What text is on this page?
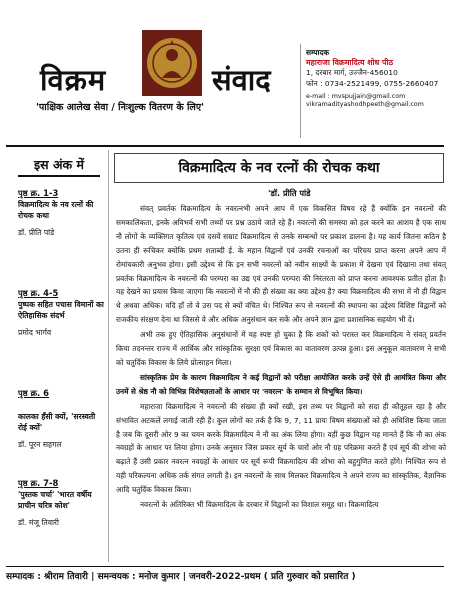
विक्रम	संवाद
'पाक्षिक आलेख सेवा / निःशुल्क वितरण के लिए'
सम्पादक
महाराजा विक्रमादित्य शोध पीठ
1, दरबार मार्ग, उज्जैन-456010
फोन : 0734-2521499, 0755-2660407
e-mail : mvspujjain@gmail.com
vikramadityashodhpeeth@gmail.com
इस अंक में
पृष्ठ क्र. 1-3
विक्रमादित्य के नव रत्नों की रोचक कथा
डॉ. प्रीति पांडे
पृष्ठ क्र. 4-5
पुष्पक सहित पचास विमानों का ऐतिहासिक संदर्भ
प्रमोद भार्गव
पृष्ठ क्र. 6
कालका हँसी क्यों, 'सरस्वती रोई क्यों'
डॉ. पूरन सहगल
पृष्ठ क्र. 7-8
'पुस्तक चर्चा' 'भारत वर्षीय प्राचीन चरित्र कोश'
डॉ. मंजू तिवारी
विक्रमादित्य के नव रत्नों की रोचक कथा
'डॉ. प्रीति पांडे

संवत् प्रवर्तक विक्रमादित्य के नवरत्नभी अपने आप में एक विकसित विषय रहे हैं क्योंकि इन नवरत्नों की समकालिकता, इनके अविभर्व सभी तथ्यों पर प्रश्न उठाये जाते रहे हैं। नवरत्नों की समस्या को हल करने का आशय है एक साथ नौ लोगों के व्यक्तिगत कृतित्व एवं दसवें सम्राट विक्रमादित्य से उनके सम्बन्धों पर प्रकाश डालना है। यह कार्य जितना कठिन है उतना ही रूचिकर क्योंकि प्रथम शताब्दी ई. के महान विद्वानों एवं उनकी रचनाओं का परिचय प्राप्त करना अपने आप में रोमांचकारी अनुभव होगा। इसी उद्देश्य से कि इन सभी नवरत्नों को नवीन साक्ष्यों के प्रकाश में देखना एवं दिखाना तथा संवत् प्रवर्तक विक्रमादित्य के नवरत्नों की परम्परा का उद्य एवं उनकी परम्परा की निरंतरता को प्राप्त करना आवश्यक प्रतीत होता है। यह देखने का प्रयास किया जाएगा कि नवरत्नों में नौ की ही संख्या का क्या उद्देश्य है? क्या विक्रमादित्य की सभा में नौ ही विद्वान थे अथवा अधिक। यदि हाँ तो वे उस पद से क्यों वंचित थे। निश्चित रूप से नवरत्नों की स्थापना का उद्देश्य विशिष्ट विद्वानों को राजकीय संरक्षण देना था जिससे वे और अधिक अनुसंधान कर सकें और अपने ज्ञान द्वारा प्रशासनिक सहयोग भी दें।

अभी तक हुए ऐतिहासिक अनुसंधानों में यह स्पष्ट हो चुका है कि शकों को परास्त कर विक्रमादित्य ने संवत् प्रवर्तन किया तदनन्तर राज्य में आर्थिक और सांस्कृतिक सुरक्षा एवं विकास का वातावरण उत्पन्न हुआ। इस अनुकूल वातावरण ने सभी को चतुर्दिक विकास के लिये प्रोत्साहन मिला।

सांस्कृतिक प्रेम के कारण विक्रमादित्य ने कई विद्वानों को परीक्षा आयोजित करके उन्हें ऐसे ही आमंत्रित किया और उनमें से श्रेष्ठ नौ को विभिन्न विशेषज्ञताओं के आधार पर 'नवरत्न' के सम्मान से विभूषित किया।

महाराजा विक्रमादित्य ने नवरत्नों की संख्या ही क्यों रखी, इस तथ्य पर विद्वानों को सदा ही कौतूहल रहा है और संभावित अटकलें लगाई जाती रही हैं। कुल लोगों का तर्क है कि 9, 7, 11 प्रायः विषम संख्याओं को ही अधिशिष्ट किया जाता है जब कि दूसरी ओर 9 का चयन करके विक्रमादित्य ने नौ का अंक लिया होगा। वहीं कुछ विद्वान यह मानते हैं कि नौ का अंक नवग्रहों के आधार पर लिया होगा। उनके अनुसार जिस प्रकार सूर्य के चारों ओर नौ ग्रह परिक्रमा करते हैं एवं सूर्य की शोभा को बढ़ाते हैं उसी प्रकार नवरत्न नवग्रहों के आधार पर सूर्य रूपी विक्रमादित्य की शोभा को बहुगुणित करते होंगे। निश्चित रूप से यही परिकल्पना अधिक तर्क संगत लगती है। इन नवरत्नों के साथ मिलकर विक्रमादित्य ने अपने राज्य का सांस्कृतिक, वैज्ञानिक आदि चतुर्दिक विकास किया।

नवरत्नों के अतिरिक्त भी विक्रमादित्य के दरबार में विद्वानों का विशाल समूह था। विक्रमादित्य

सम्पादक : श्रीराम तिवारी | समन्वयक : मनोज कुमार | जनवरी-2022-प्रथम ( प्रति गुरुवार को प्रसारित )
